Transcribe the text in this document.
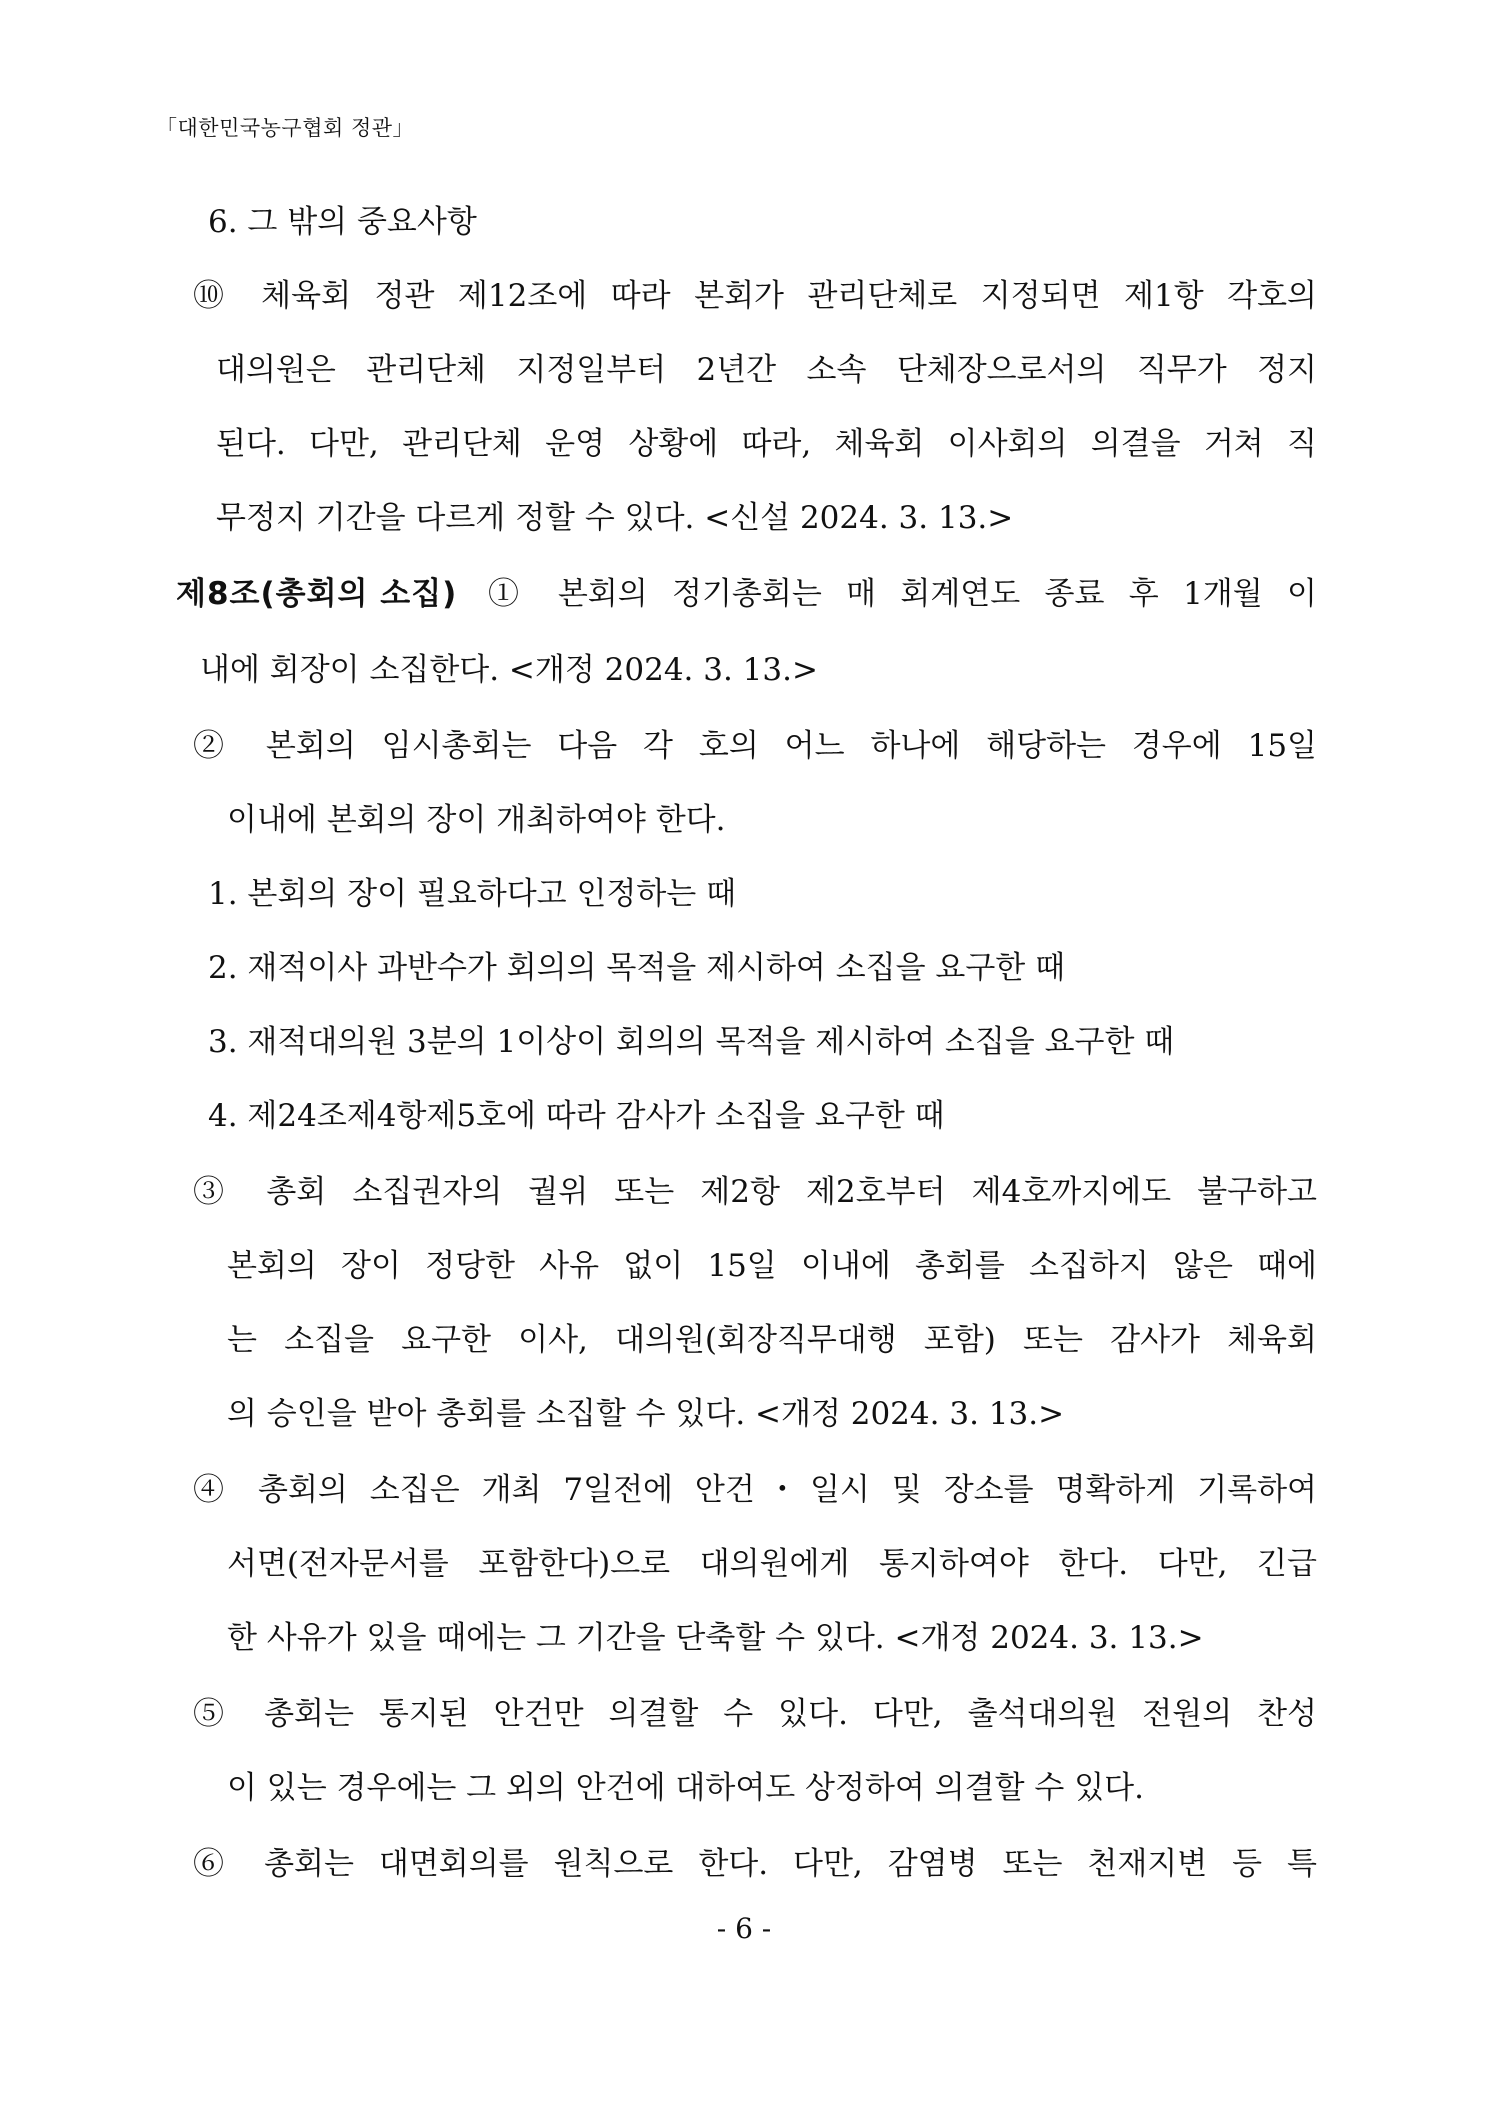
「대한민국농구협회 정관」
6. 그 밖의 중요사항
⑩ 체육회 정관 제12조에 따라 본회가 관리단체로 지정되면 제1항 각호의
대의원은 관리단체 지정일부터 2년간 소속 단체장으로서의 직무가 정지
된다. 다만, 관리단체 운영 상황에 따라, 체육회 이사회의 의결을 거쳐 직
무정지 기간을 다르게 정할 수 있다. <신설 2024. 3. 13.>
제8조(총회의 소집) ① 본회의 정기총회는 매 회계연도 종료 후 1개월 이
내에 회장이 소집한다. <개정 2024. 3. 13.>
② 본회의 임시총회는 다음 각 호의 어느 하나에 해당하는 경우에 15일
이내에 본회의 장이 개최하여야 한다.
1. 본회의 장이 필요하다고 인정하는 때
2. 재적이사 과반수가 회의의 목적을 제시하여 소집을 요구한 때
3. 재적대의원 3분의 1이상이 회의의 목적을 제시하여 소집을 요구한 때
4. 제24조제4항제5호에 따라 감사가 소집을 요구한 때
③ 총회 소집권자의 궐위 또는 제2항 제2호부터 제4호까지에도 불구하고
본회의 장이 정당한 사유 없이 15일 이내에 총회를 소집하지 않은 때에
는 소집을 요구한 이사, 대의원(회장직무대행 포함) 또는 감사가 체육회
의 승인을 받아 총회를 소집할 수 있다. <개정 2024. 3. 13.>
④ 총회의 소집은 개최 7일전에 안건・일시 및 장소를 명확하게 기록하여
서면(전자문서를 포함한다)으로 대의원에게 통지하여야 한다. 다만, 긴급
한 사유가 있을 때에는 그 기간을 단축할 수 있다. <개정 2024. 3. 13.>
⑤ 총회는 통지된 안건만 의결할 수 있다. 다만, 출석대의원 전원의 찬성
이 있는 경우에는 그 외의 안건에 대하여도 상정하여 의결할 수 있다.
⑥ 총회는 대면회의를 원칙으로 한다. 다만, 감염병 또는 천재지변 등 특
- 6 -
